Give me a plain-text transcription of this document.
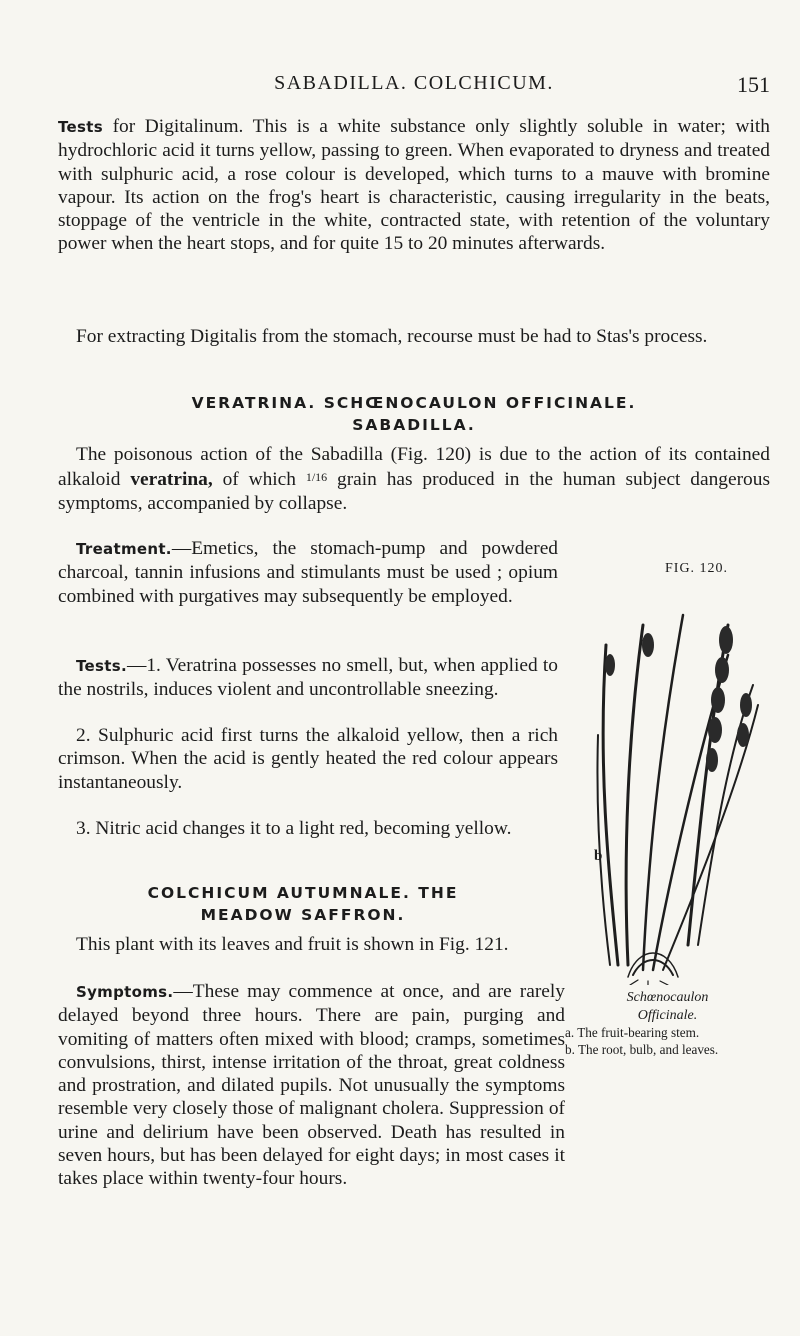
SABADILLA. COLCHICUM.	151

Tests for Digitalinum. This is a white substance only slightly soluble in water; with hydrochloric acid it turns yellow, passing to green. When evaporated to dryness and treated with sulphuric acid, a rose colour is developed, which turns to a mauve with bromine vapour. Its action on the frog's heart is characteristic, causing irregularity in the beats, stoppage of the ventricle in the white, contracted state, with retention of the voluntary power when the heart stops, and for quite 15 to 20 minutes afterwards.

For extracting Digitalis from the stomach, recourse must be had to Stas's process.

VERATRINA. SCHŒNOCAULON OFFICINALE.
SABADILLA.

The poisonous action of the Sabadilla (Fig. 120) is due to the action of its contained alkaloid veratrina, of which $^{1/16}$ grain has produced in the human subject dangerous symptoms, accompanied by collapse.

Treatment.—Emetics, the stomach-pump and powdered charcoal, tannin infusions and stimulants must be used ; opium combined with purgatives may subsequently be employed.

Tests.—1. Veratrina possesses no smell, but, when applied to the nostrils, induces violent and uncontrollable sneezing.

2. Sulphuric acid first turns the alkaloid yellow, then a rich crimson. When the acid is gently heated the red colour appears instantaneously.

3. Nitric acid changes it to a light red, becoming yellow.

COLCHICUM AUTUMNALE. THE
MEADOW SAFFRON.

This plant with its leaves and fruit is shown in Fig. 121.

Symptoms.—These may commence at once, and are rarely delayed beyond three hours. There are pain, purging and vomiting of matters often mixed with blood; cramps, sometimes convulsions, thirst, intense irritation of the throat, great coldness and prostration, and dilated pupils. Not unusually the symptoms resemble very closely those of malignant cholera. Suppression of urine and delirium have been observed. Death has resulted in seven hours, but has been delayed for eight days; in most cases it takes place within twenty-four hours.

FIG. 120.
b
Schœnocaulon
Officinale.
a. The fruit-bearing stem.
b. The root, bulb, and leaves.
